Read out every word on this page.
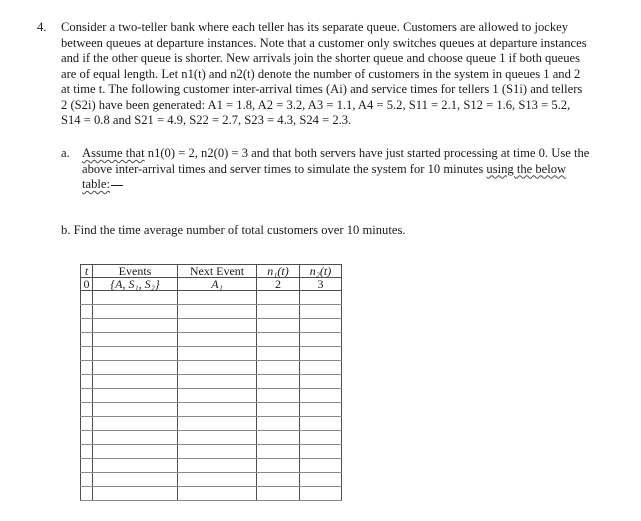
4. Consider a two-teller bank where each teller has its separate queue. Customers are allowed to jockey
between queues at departure instances. Note that a customer only switches queues at departure instances
and if the other queue is shorter. New arrivals join the shorter queue and choose queue 1 if both queues
are of equal length. Let n1(t) and n2(t) denote the number of customers in the system in queues 1 and 2
at time t. The following customer inter-arrival times (Ai) and service times for tellers 1 (S1i) and tellers
2 (S2i) have been generated: A1 = 1.8, A2 = 3.2, A3 = 1.1, A4 = 5.2, S11 = 2.1, S12 = 1.6, S13 = 5.2,
S14 = 0.8 and S21 = 4.9, S22 = 2.7, S23 = 4.3, S24 = 2.3.
a. Assume that n1(0) = 2, n2(0) = 3 and that both servers have just started processing at time 0. Use the
above inter-arrival times and server times to simulate the system for 10 minutes using the below
table:
b. Find the time average number of total customers over 10 minutes.
t	Events	Next Event	n₁(t)	n₂(t)
0	{A, S₁, S₂}	A₁	2	3
